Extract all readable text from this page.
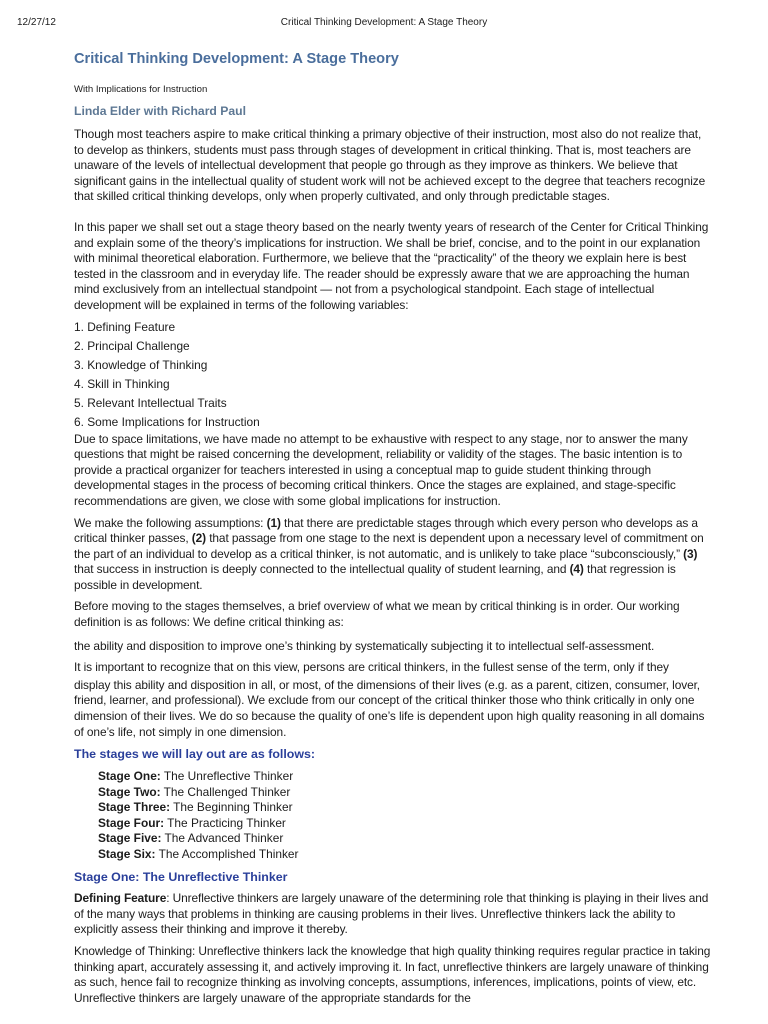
12/27/12	Critical Thinking Development: A Stage Theory
Critical Thinking Development: A Stage Theory
With Implications for Instruction
Linda Elder with Richard Paul

Though most teachers aspire to make critical thinking a primary objective of their instruction, most also do not realize that, to develop as thinkers, students must pass through stages of development in critical thinking. That is, most teachers are unaware of the levels of intellectual development that people go through as they improve as thinkers. We believe that significant gains in the intellectual quality of student work will not be achieved except to the degree that teachers recognize that skilled critical thinking develops, only when properly cultivated, and only through predictable stages.

In this paper we shall set out a stage theory based on the nearly twenty years of research of the Center for Critical Thinking and explain some of the theory’s implications for instruction. We shall be brief, concise, and to the point in our explanation with minimal theoretical elaboration. Furthermore, we believe that the “practicality” of the theory we explain here is best tested in the classroom and in everyday life. The reader should be expressly aware that we are approaching the human mind exclusively from an intellectual standpoint — not from a psychological standpoint. Each stage of intellectual development will be explained in terms of the following variables:

1. Defining Feature
2. Principal Challenge
3. Knowledge of Thinking
4. Skill in Thinking
5. Relevant Intellectual Traits
6. Some Implications for Instruction

Due to space limitations, we have made no attempt to be exhaustive with respect to any stage, nor to answer the many questions that might be raised concerning the development, reliability or validity of the stages. The basic intention is to provide a practical organizer for teachers interested in using a conceptual map to guide student thinking through developmental stages in the process of becoming critical thinkers. Once the stages are explained, and stage-specific recommendations are given, we close with some global implications for instruction.

We make the following assumptions: (1) that there are predictable stages through which every person who develops as a critical thinker passes, (2) that passage from one stage to the next is dependent upon a necessary level of commitment on the part of an individual to develop as a critical thinker, is not automatic, and is unlikely to take place “subconsciously,” (3) that success in instruction is deeply connected to the intellectual quality of student learning, and (4) that regression is possible in development.

Before moving to the stages themselves, a brief overview of what we mean by critical thinking is in order. Our working definition is as follows: We define critical thinking as:

the ability and disposition to improve one’s thinking by systematically subjecting it to intellectual self-assessment.

It is important to recognize that on this view, persons are critical thinkers, in the fullest sense of the term, only if they

display this ability and disposition in all, or most, of the dimensions of their lives (e.g. as a parent, citizen, consumer, lover, friend, learner, and professional). We exclude from our concept of the critical thinker those who think critically in only one dimension of their lives. We do so because the quality of one’s life is dependent upon high quality reasoning in all domains of one’s life, not simply in one dimension.

The stages we will lay out are as follows:
Stage One: The Unreflective Thinker
Stage Two: The Challenged Thinker
Stage Three: The Beginning Thinker
Stage Four: The Practicing Thinker
Stage Five: The Advanced Thinker
Stage Six: The Accomplished Thinker
Stage One: The Unreflective Thinker

Defining Feature: Unreflective thinkers are largely unaware of the determining role that thinking is playing in their lives and of the many ways that problems in thinking are causing problems in their lives. Unreflective thinkers lack the ability to explicitly assess their thinking and improve it thereby.

Knowledge of Thinking: Unreflective thinkers lack the knowledge that high quality thinking requires regular practice in taking thinking apart, accurately assessing it, and actively improving it. In fact, unreflective thinkers are largely unaware of thinking as such, hence fail to recognize thinking as involving concepts, assumptions, inferences, implications, points of view, etc. Unreflective thinkers are largely unaware of the appropriate standards for the
